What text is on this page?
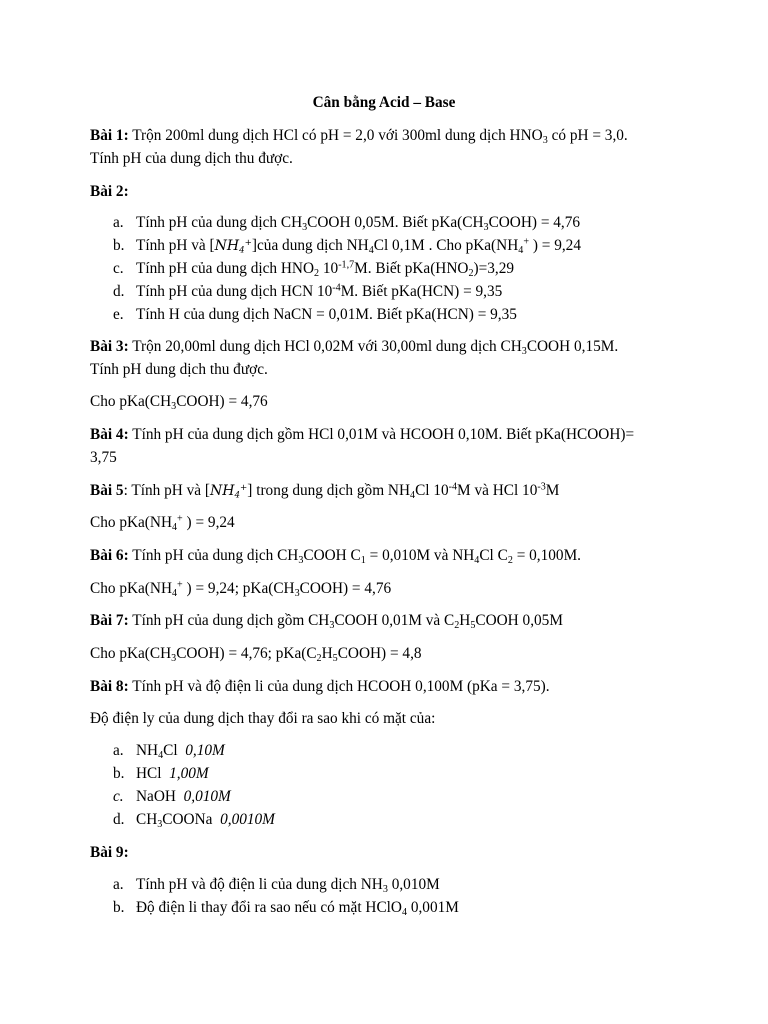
Cân bằng Acid – Base
Bài 1: Trộn 200ml dung dịch HCl có pH = 2,0 với 300ml dung dịch $HNO_3$ có pH = 3,0.
Tính pH của dung dịch thu được.
Bài 2:
a. Tính pH của dung dịch $CH_3COOH$ 0,05M. Biết $pKa(CH_3COOH) = 4,76$
b. Tính pH và $[NH_4^+]của$ dung dịch $NH_4Cl$ 0,1M . Cho $pKa(NH_4^+$ ) = 9,24
c. Tính pH của dung dịch $HNO_2$ $10^{-1,7}M$. Biết $pKa(HNO_2)=3,29$
d. Tính pH của dung dịch HCN $10^{-4}M$. Biết pKa(HCN) = 9,35
e. Tính H của dung dịch NaCN = 0,01M. Biết pKa(HCN) = 9,35
Bài 3: Trộn 20,00ml dung dịch HCl 0,02M với 30,00ml dung dịch $CH_3COOH$ 0,15M.
Tính pH dung dịch thu được.
Cho $pKa(CH_3COOH) = 4,76$
Bài 4: Tính pH của dung dịch gồm HCl 0,01M và HCOOH 0,10M. Biết pKa(HCOOH)=
3,75
Bài 5: Tính pH và $[NH_4^+]$ trong dung dịch gồm $NH_4Cl$ $10^{-4}M$ và HCl $10^{-3}M$
Cho $pKa(NH_4^+$ ) = 9,24
Bài 6: Tính pH của dung dịch $CH_3COOH$ $C_1 = 0,010M$ và $NH_4Cl$ $C_2 = 0,100M$.
Cho $pKa(NH_4^+$ ) = 9,24; $pKa(CH_3COOH) = 4,76$
Bài 7: Tính pH của dung dịch gồm $CH_3COOH$ 0,01M và $C_2H_5COOH$ 0,05M
Cho $pKa(CH_3COOH) = 4,76$; $pKa(C_2H_5COOH) = 4,8$
Bài 8: Tính pH và độ điện li của dung dịch HCOOH 0,100M (pKa = 3,75).
Độ điện ly của dung dịch thay đổi ra sao khi có mặt của:
a. $NH_4Cl$ 0,10M
b. HCl 1,00M
c. NaOH 0,010M
d. $CH_3COONa$ 0,0010M
Bài 9:
a. Tính pH và độ điện li của dung dịch $NH_3$ 0,010M
b. Độ điện li thay đổi ra sao nếu có mặt HClO$_4$ 0,001M
